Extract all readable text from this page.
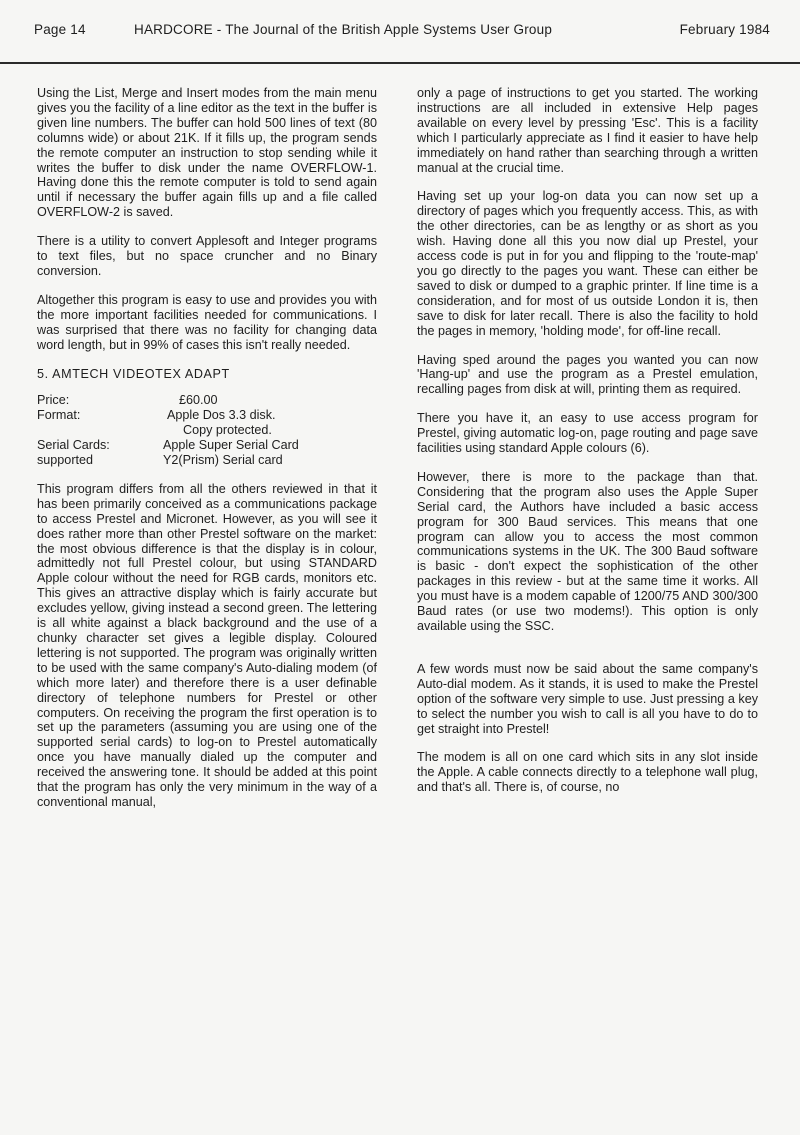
Page 14	HARDCORE - The Journal of the British Apple Systems User Group	February 1984

Using the List, Merge and Insert modes from the main menu gives you the facility of a line editor as the text in the buffer is given line numbers. The buffer can hold 500 lines of text (80 columns wide) or about 21K. If it fills up, the program sends the remote computer an instruction to stop sending while it writes the buffer to disk under the name OVERFLOW-1. Having done this the remote computer is told to send again until if necessary the buffer again fills up and a file called OVERFLOW-2 is saved.

There is a utility to convert Applesoft and Integer programs to text files, but no space cruncher and no Binary conversion.

Altogether this program is easy to use and provides you with the more important facilities needed for communications. I was surprised that there was no facility for changing data word length, but in 99% of cases this isn't really needed.

5. AMTECH VIDEOTEX ADAPT
Price:	£60.00
Format:	Apple Dos 3.3 disk.
Copy protected.
Serial Cards:	Apple Super Serial Card
supported	Y2(Prism) Serial card

This program differs from all the others reviewed in that it has been primarily conceived as a communications package to access Prestel and Micronet. However, as you will see it does rather more than other Prestel software on the market: the most obvious difference is that the display is in colour, admittedly not full Prestel colour, but using STANDARD Apple colour without the need for RGB cards, monitors etc. This gives an attractive display which is fairly accurate but excludes yellow, giving instead a second green. The lettering is all white against a black background and the use of a chunky character set gives a legible display. Coloured lettering is not supported. The program was originally written to be used with the same company's Auto-dialing modem (of which more later) and therefore there is a user definable directory of telephone numbers for Prestel or other computers. On receiving the program the first operation is to set up the parameters (assuming you are using one of the supported serial cards) to log-on to Prestel automatically once you have manually dialed up the computer and received the answering tone. It should be added at this point that the program has only the very minimum in the way of a conventional manual,

only a page of instructions to get you started. The working instructions are all included in extensive Help pages available on every level by pressing 'Esc'. This is a facility which I particularly appreciate as I find it easier to have help immediately on hand rather than searching through a written manual at the crucial time.

Having set up your log-on data you can now set up a directory of pages which you frequently access. This, as with the other directories, can be as lengthy or as short as you wish. Having done all this you now dial up Prestel, your access code is put in for you and flipping to the 'route-map' you go directly to the pages you want. These can either be saved to disk or dumped to a graphic printer. If line time is a consideration, and for most of us outside London it is, then save to disk for later recall. There is also the facility to hold the pages in memory, 'holding mode', for off-line recall.

Having sped around the pages you wanted you can now 'Hang-up' and use the program as a Prestel emulation, recalling pages from disk at will, printing them as required.

There you have it, an easy to use access program for Prestel, giving automatic log-on, page routing and page save facilities using standard Apple colours (6).

However, there is more to the package than that. Considering that the program also uses the Apple Super Serial card, the Authors have included a basic access program for 300 Baud services. This means that one program can allow you to access the most common communications systems in the UK. The 300 Baud software is basic - don't expect the sophistication of the other packages in this review - but at the same time it works. All you must have is a modem capable of 1200/75 AND 300/300 Baud rates (or use two modems!). This option is only available using the SSC.

A few words must now be said about the same company's Auto-dial modem. As it stands, it is used to make the Prestel option of the software very simple to use. Just pressing a key to select the number you wish to call is all you have to do to get straight into Prestel!

The modem is all on one card which sits in any slot inside the Apple. A cable connects directly to a telephone wall plug, and that's all. There is, of course, no
